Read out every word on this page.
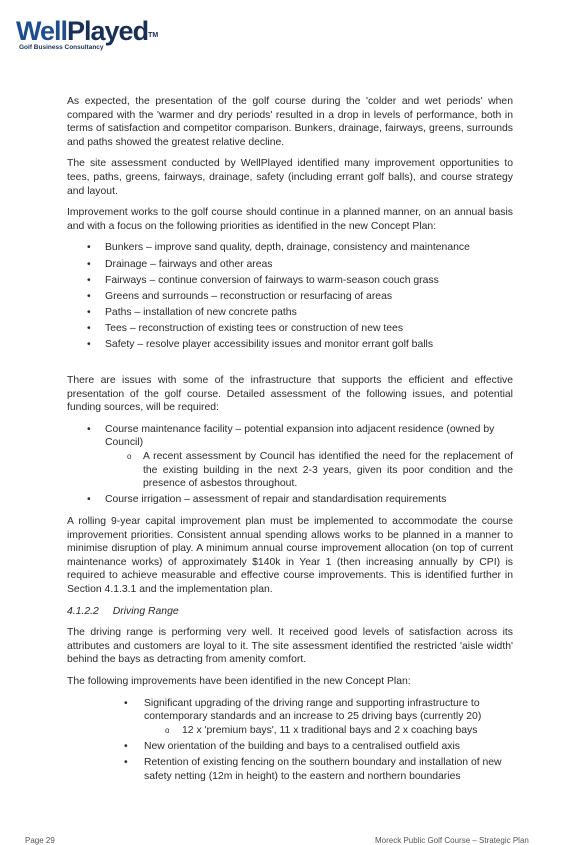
WellPlayed™
Golf Business Consultancy

As expected, the presentation of the golf course during the 'colder and wet periods' when compared with the 'warmer and dry periods' resulted in a drop in levels of performance, both in terms of satisfaction and competitor comparison. Bunkers, drainage, fairways, greens, surrounds and paths showed the greatest relative decline.

The site assessment conducted by WellPlayed identified many improvement opportunities to tees, paths, greens, fairways, drainage, safety (including errant golf balls), and course strategy and layout.

Improvement works to the golf course should continue in a planned manner, on an annual basis and with a focus on the following priorities as identified in the new Concept Plan:

• Bunkers – improve sand quality, depth, drainage, consistency and maintenance
• Drainage – fairways and other areas
• Fairways – continue conversion of fairways to warm-season couch grass
• Greens and surrounds – reconstruction or resurfacing of areas
• Paths – installation of new concrete paths
• Tees – reconstruction of existing tees or construction of new tees
• Safety – resolve player accessibility issues and monitor errant golf balls

There are issues with some of the infrastructure that supports the efficient and effective presentation of the golf course. Detailed assessment of the following issues, and potential funding sources, will be required:

• Course maintenance facility – potential expansion into adjacent residence (owned by Council)
o A recent assessment by Council has identified the need for the replacement of the existing building in the next 2-3 years, given its poor condition and the presence of asbestos throughout.
• Course irrigation – assessment of repair and standardisation requirements

A rolling 9-year capital improvement plan must be implemented to accommodate the course improvement priorities. Consistent annual spending allows works to be planned in a manner to minimise disruption of play. A minimum annual course improvement allocation (on top of current maintenance works) of approximately $140k in Year 1 (then increasing annually by CPI) is required to achieve measurable and effective course improvements. This is identified further in Section 4.1.3.1 and the implementation plan.

4.1.2.2 Driving Range

The driving range is performing very well. It received good levels of satisfaction across its attributes and customers are loyal to it. The site assessment identified the restricted 'aisle width' behind the bays as detracting from amenity comfort.

The following improvements have been identified in the new Concept Plan:

• Significant upgrading of the driving range and supporting infrastructure to contemporary standards and an increase to 25 driving bays (currently 20)
o 12 x 'premium bays', 11 x traditional bays and 2 x coaching bays
• New orientation of the building and bays to a centralised outfield axis
• Retention of existing fencing on the southern boundary and installation of new safety netting (12m in height) to the eastern and northern boundaries
Page 29	Moreck Public Golf Course – Strategic Plan
